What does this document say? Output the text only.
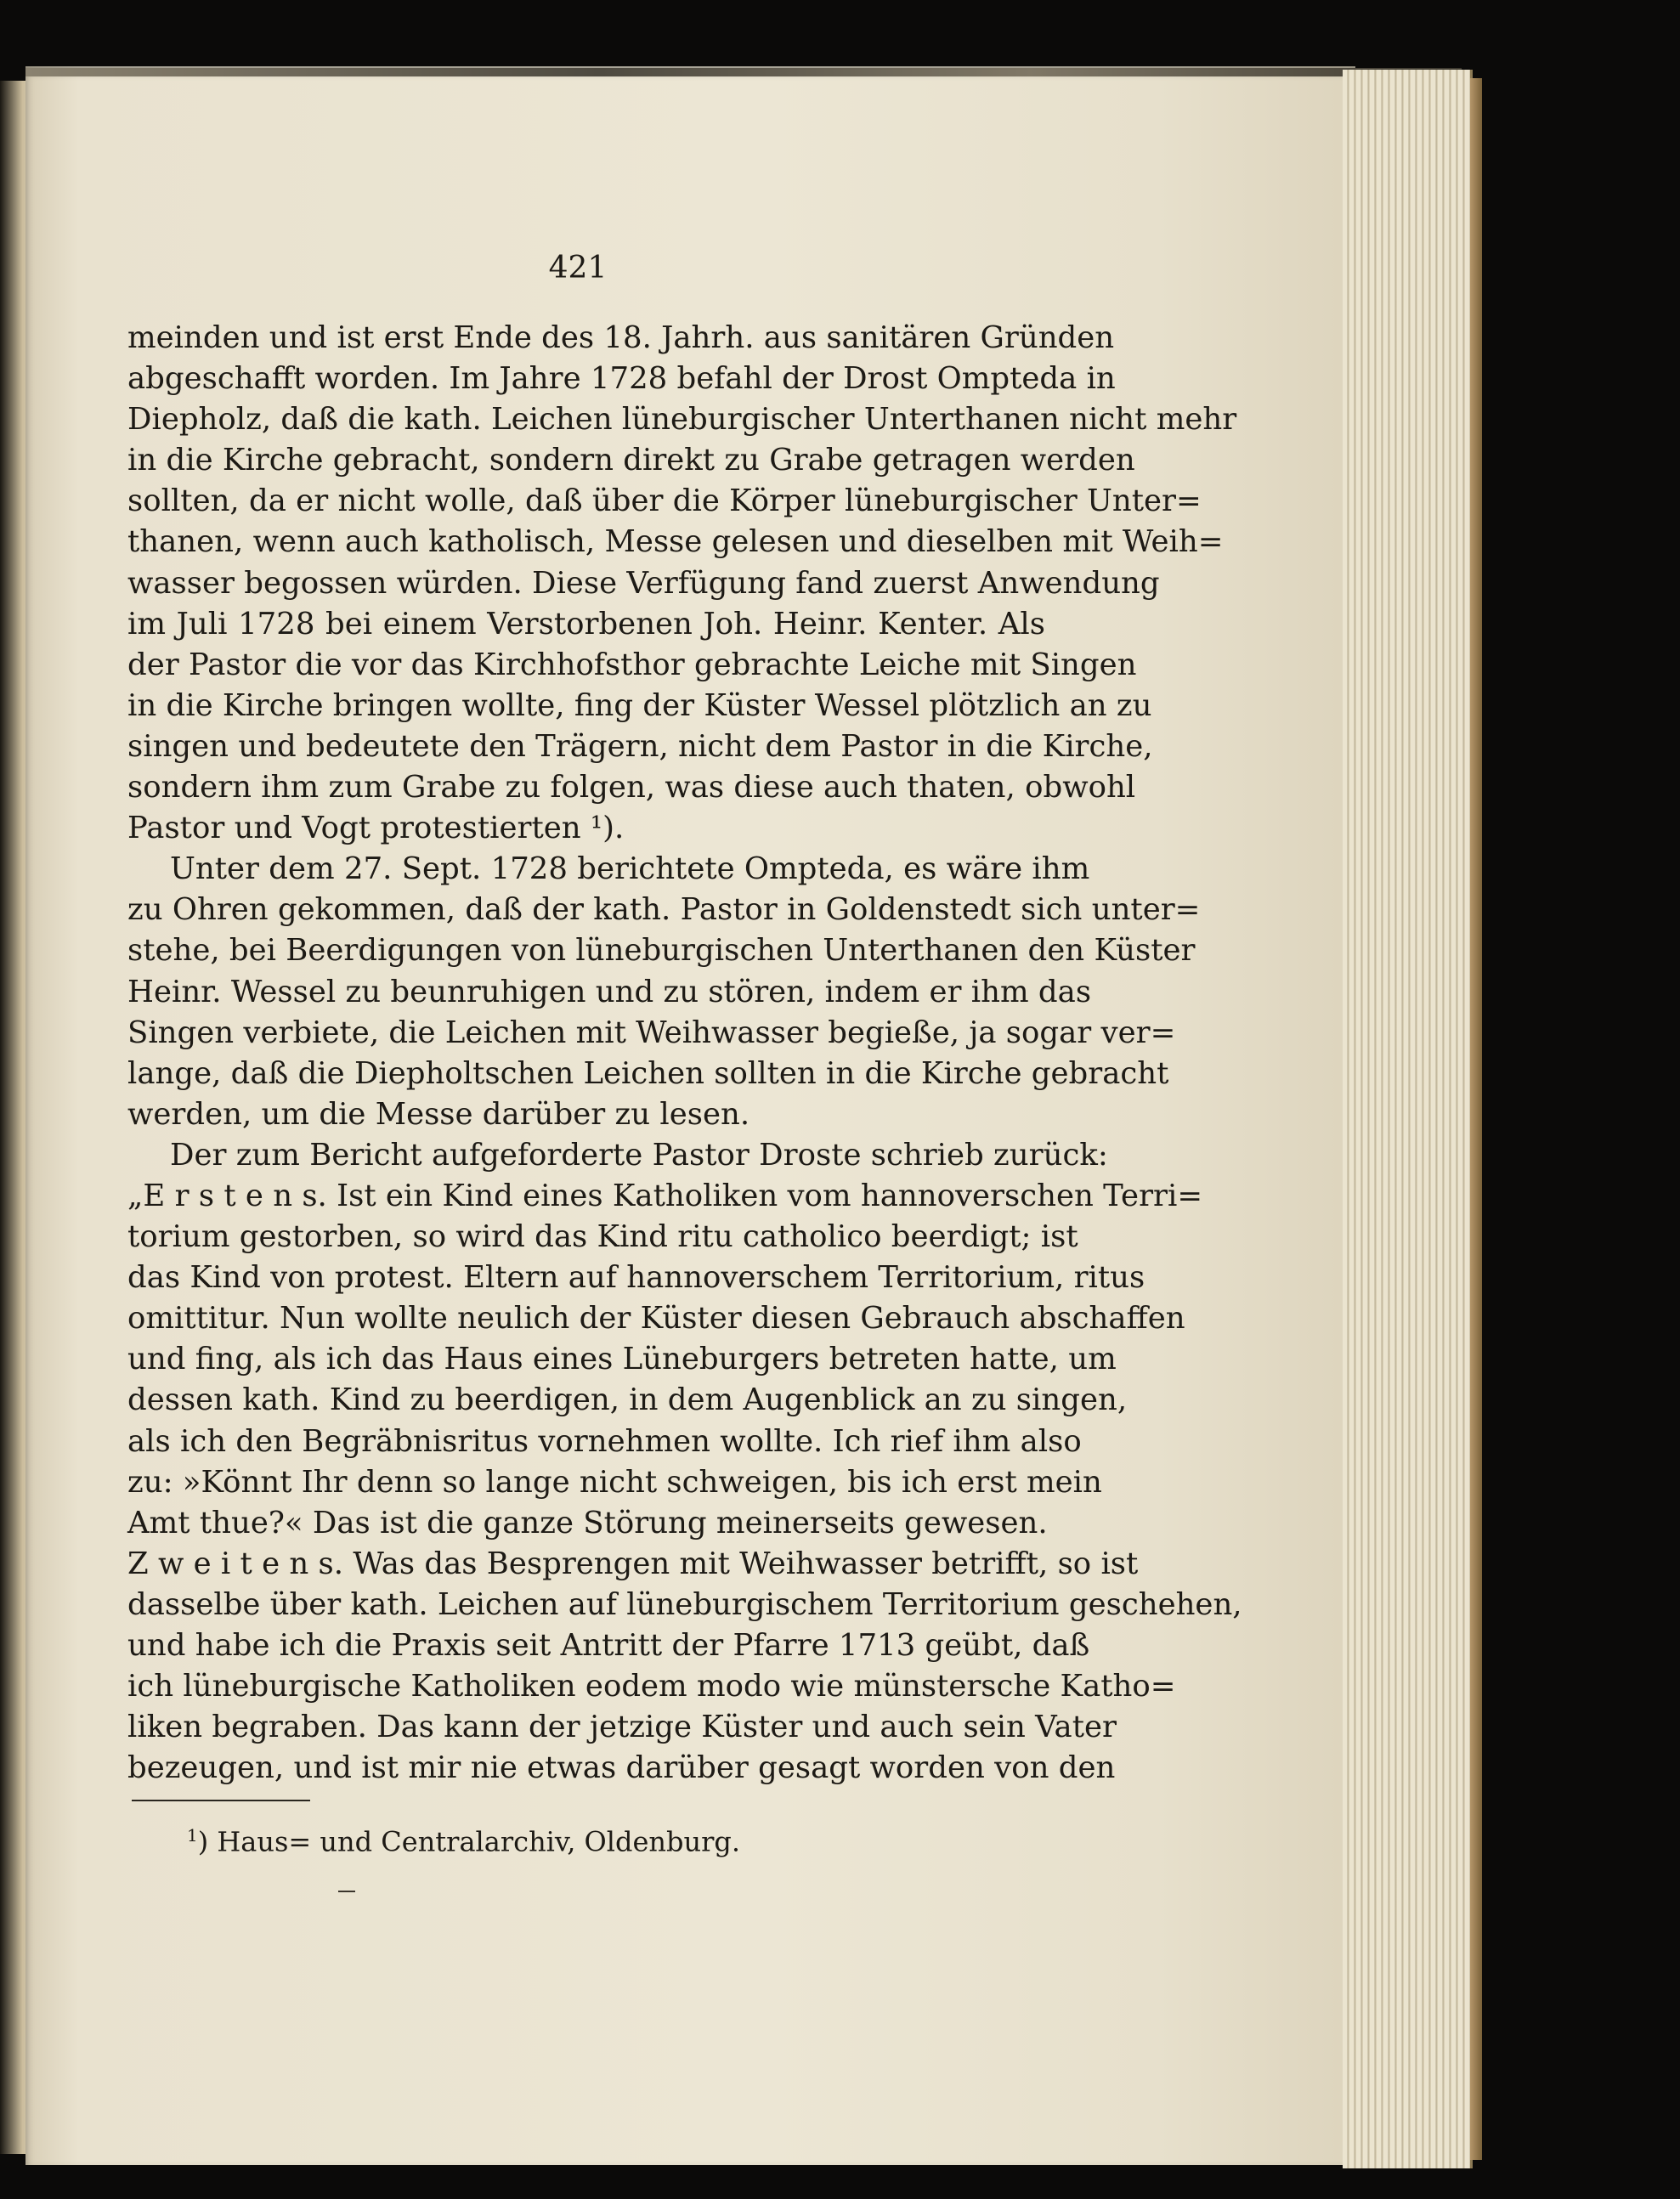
421
meinden und ist erst Ende des 18. Jahrh. aus sanitären Gründen
abgeschafft worden. Im Jahre 1728 befahl der Drost Ompteda in
Diepholz, daß die kath. Leichen lüneburgischer Unterthanen nicht mehr
in die Kirche gebracht, sondern direkt zu Grabe getragen werden
sollten, da er nicht wolle, daß über die Körper lüneburgischer Unter=
thanen, wenn auch katholisch, Messe gelesen und dieselben mit Weih=
wasser begossen würden. Diese Verfügung fand zuerst Anwendung
im Juli 1728 bei einem Verstorbenen Joh. Heinr. Kenter. Als
der Pastor die vor das Kirchhofsthor gebrachte Leiche mit Singen
in die Kirche bringen wollte, fing der Küster Wessel plötzlich an zu
singen und bedeutete den Trägern, nicht dem Pastor in die Kirche,
sondern ihm zum Grabe zu folgen, was diese auch thaten, obwohl
Pastor und Vogt protestierten ¹).
Unter dem 27. Sept. 1728 berichtete Ompteda, es wäre ihm
zu Ohren gekommen, daß der kath. Pastor in Goldenstedt sich unter=
stehe, bei Beerdigungen von lüneburgischen Unterthanen den Küster
Heinr. Wessel zu beunruhigen und zu stören, indem er ihm das
Singen verbiete, die Leichen mit Weihwasser begieße, ja sogar ver=
lange, daß die Diepholtschen Leichen sollten in die Kirche gebracht
werden, um die Messe darüber zu lesen.
Der zum Bericht aufgeforderte Pastor Droste schrieb zurück:
„E r s t e n s. Ist ein Kind eines Katholiken vom hannoverschen Terri=
torium gestorben, so wird das Kind ritu catholico beerdigt; ist
das Kind von protest. Eltern auf hannoverschem Territorium, ritus
omittitur. Nun wollte neulich der Küster diesen Gebrauch abschaffen
und fing, als ich das Haus eines Lüneburgers betreten hatte, um
dessen kath. Kind zu beerdigen, in dem Augenblick an zu singen,
als ich den Begräbnisritus vornehmen wollte. Ich rief ihm also
zu: »Könnt Ihr denn so lange nicht schweigen, bis ich erst mein
Amt thue?« Das ist die ganze Störung meinerseits gewesen.
Z w e i t e n s. Was das Besprengen mit Weihwasser betrifft, so ist
dasselbe über kath. Leichen auf lüneburgischem Territorium geschehen,
und habe ich die Praxis seit Antritt der Pfarre 1713 geübt, daß
ich lüneburgische Katholiken eodem modo wie münstersche Katho=
liken begraben. Das kann der jetzige Küster und auch sein Vater
bezeugen, und ist mir nie etwas darüber gesagt worden von den
$^1$) Haus= und Centralarchiv, Oldenburg.
